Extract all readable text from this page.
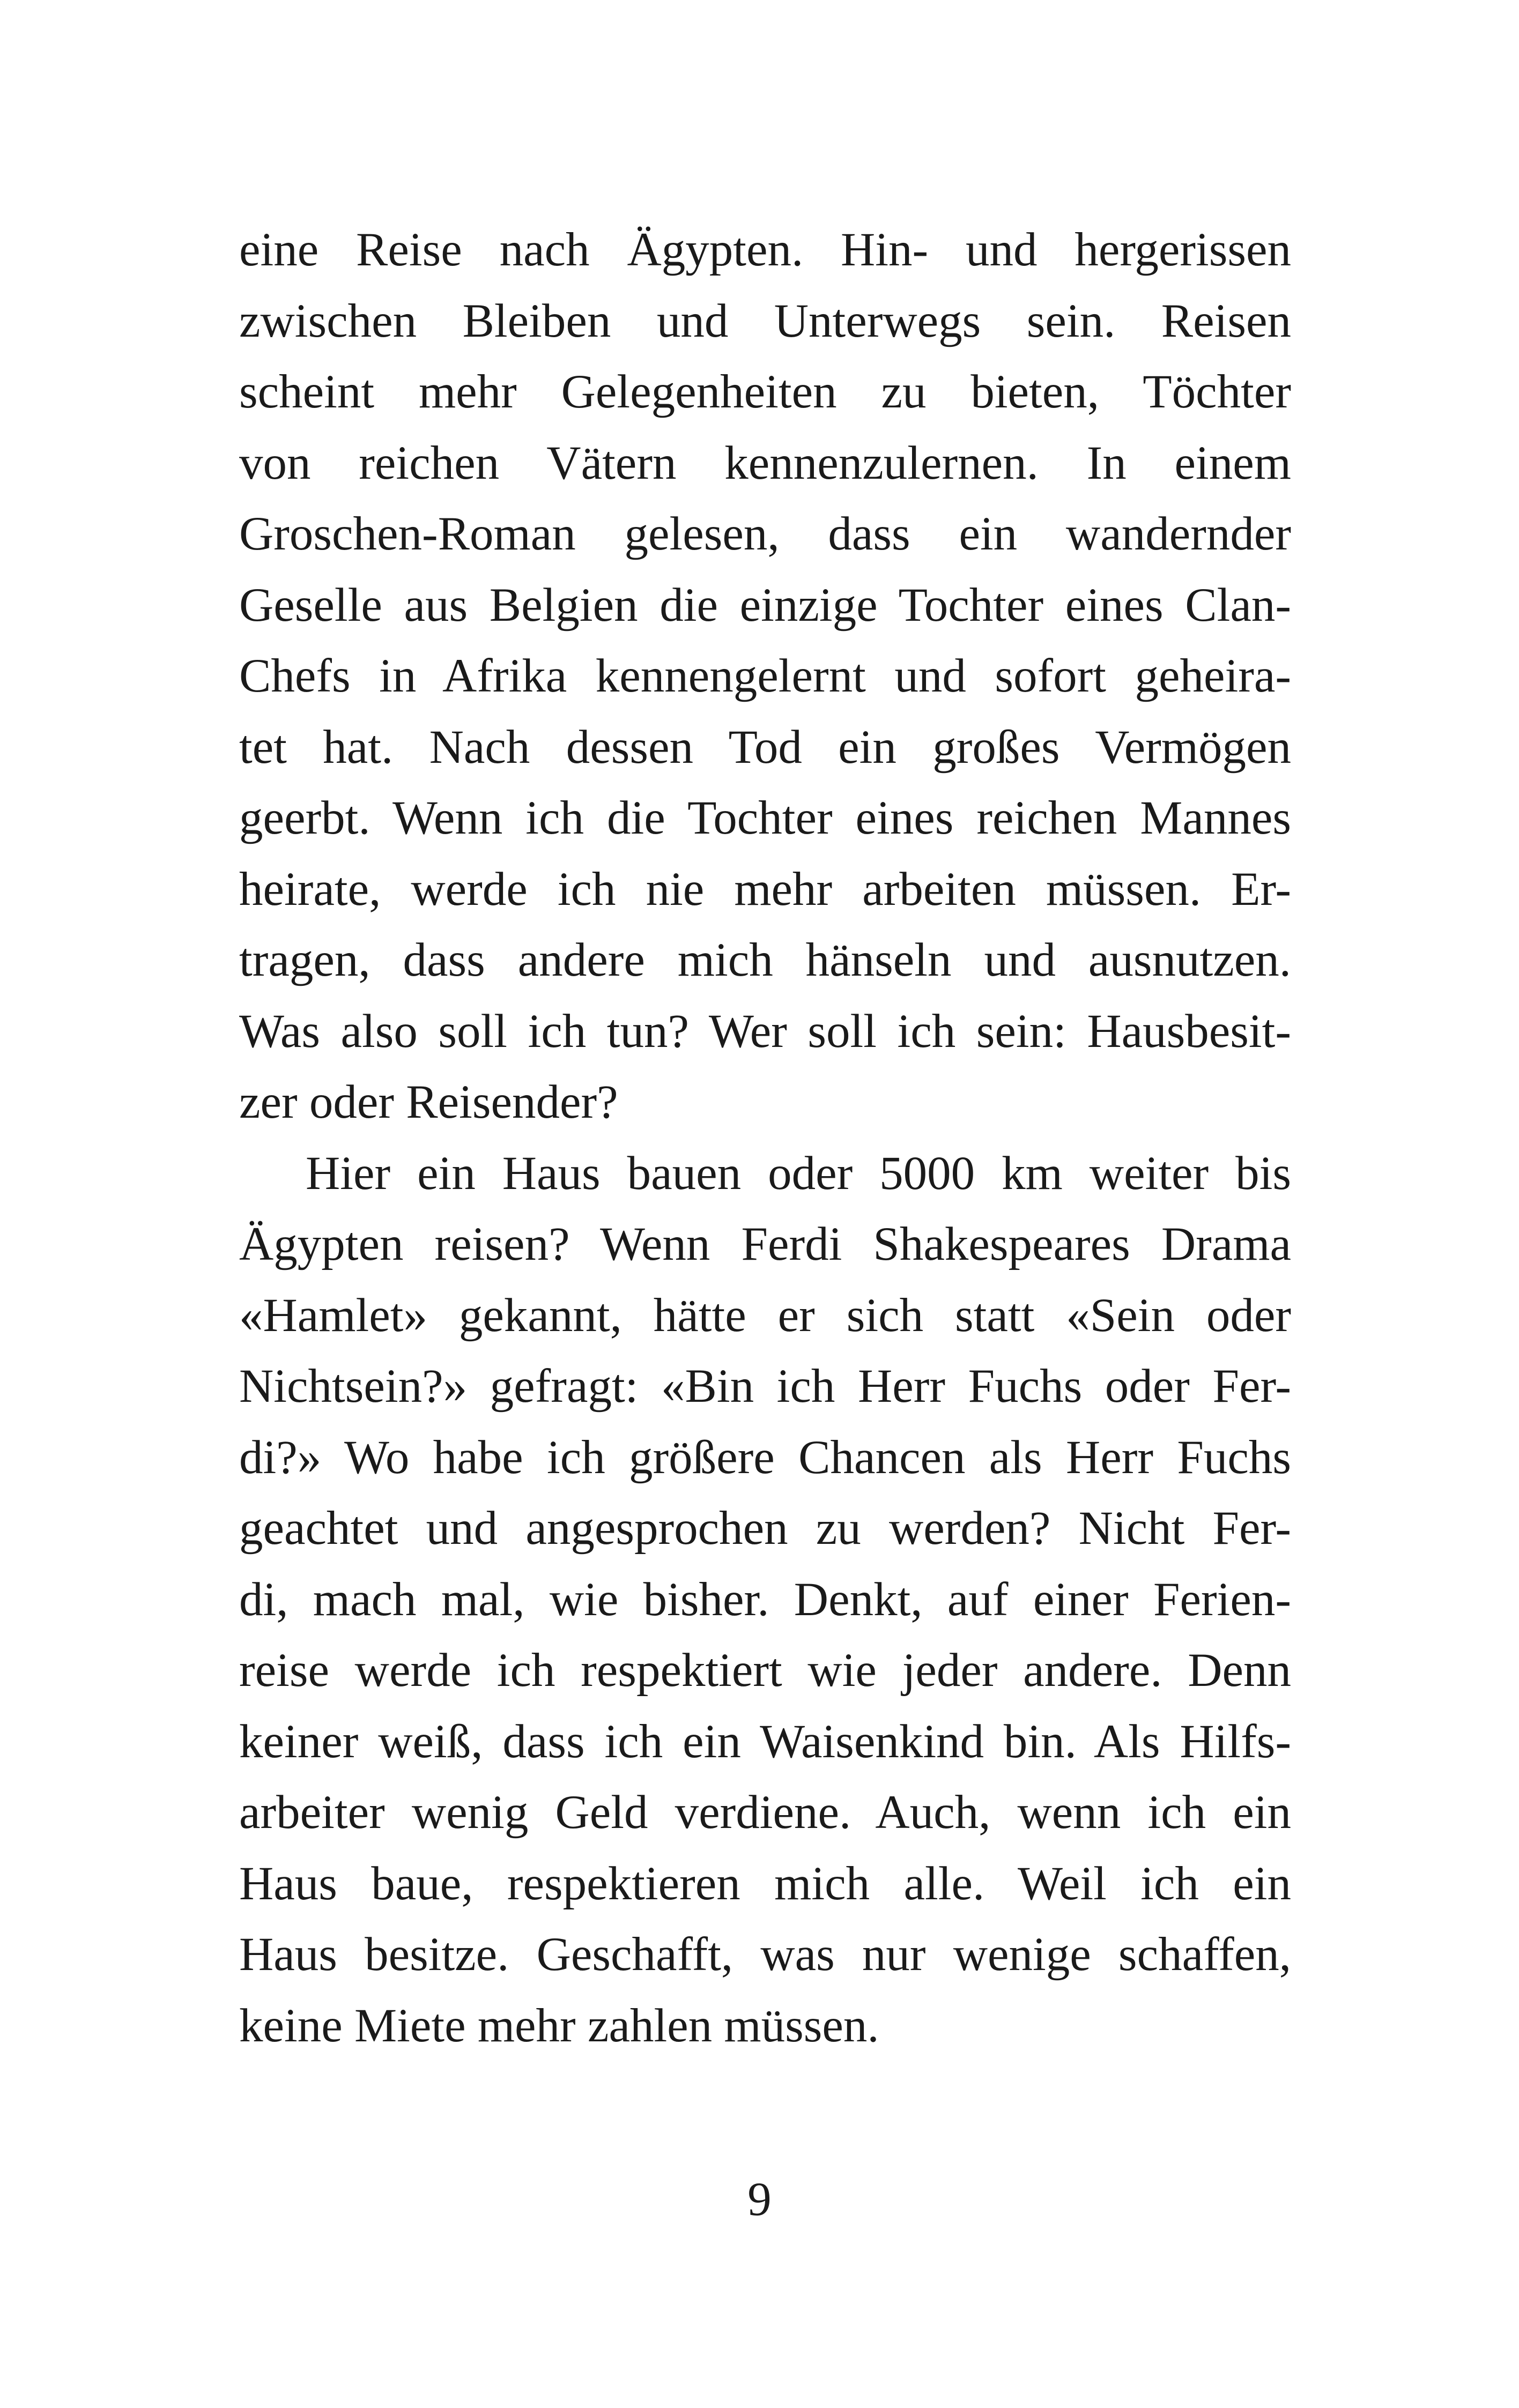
eine Reise nach Ägypten. Hin- und hergerissen
zwischen Bleiben und Unterwegs sein. Reisen
scheint mehr Gelegenheiten zu bieten, Töchter
von reichen Vätern kennenzulernen. In einem
Groschen-Roman gelesen, dass ein wandernder
Geselle aus Belgien die einzige Tochter eines Clan-
Chefs in Afrika kennengelernt und sofort geheira-
tet hat. Nach dessen Tod ein großes Vermögen
geerbt. Wenn ich die Tochter eines reichen Mannes
heirate, werde ich nie mehr arbeiten müssen. Er-
tragen, dass andere mich hänseln und ausnutzen.
Was also soll ich tun? Wer soll ich sein: Hausbesit-
zer oder Reisender?
Hier ein Haus bauen oder 5000 km weiter bis
Ägypten reisen? Wenn Ferdi Shakespeares Drama
«Hamlet» gekannt, hätte er sich statt «Sein oder
Nichtsein?» gefragt: «Bin ich Herr Fuchs oder Fer-
di?» Wo habe ich größere Chancen als Herr Fuchs
geachtet und angesprochen zu werden? Nicht Fer-
di, mach mal, wie bisher. Denkt, auf einer Ferien-
reise werde ich respektiert wie jeder andere. Denn
keiner weiß, dass ich ein Waisenkind bin. Als Hilfs-
arbeiter wenig Geld verdiene. Auch, wenn ich ein
Haus baue, respektieren mich alle. Weil ich ein
Haus besitze. Geschafft, was nur wenige schaffen,
keine Miete mehr zahlen müssen.
9
